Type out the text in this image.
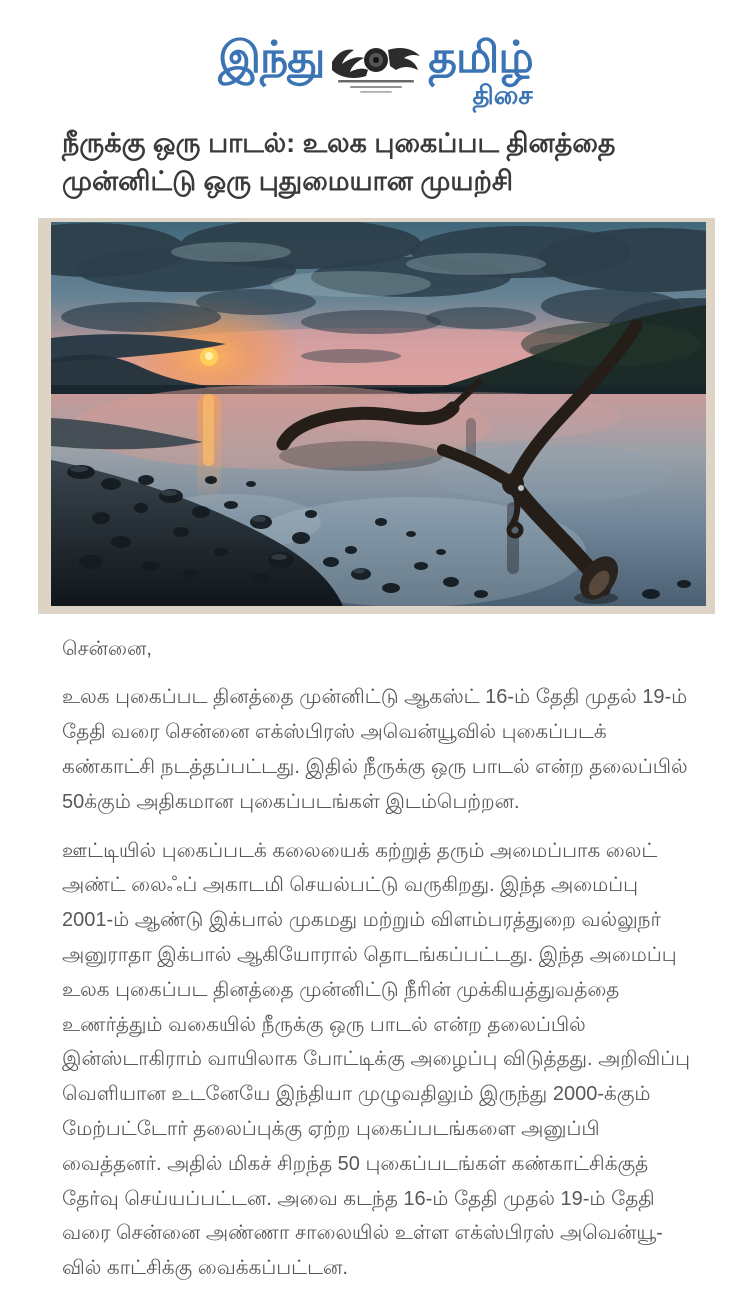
இந்து தமிழ்
திசை
நீருக்கு ஒரு பாடல்: உலக புகைப்பட தினத்தை முன்னிட்டு ஒரு புதுமையான முயற்சி

சென்னை,

உலக புகைப்பட தினத்தை முன்னிட்டு ஆகஸ்ட் 16-ம் தேதி முதல் 19-ம் தேதி வரை சென்னை எக்ஸ்பிரஸ் அவென்யூவில் புகைப்படக் கண்காட்சி நடத்தப்பட்டது. இதில் நீருக்கு ஒரு பாடல் என்ற தலைப்பில் 50க்கும் அதிகமான புகைப்படங்கள் இடம்பெற்றன.

ஊட்டியில் புகைப்படக் கலையைக் கற்றுத் தரும் அமைப்பாக லைட் அண்ட் லைஃப் அகாடமி செயல்பட்டு வருகிறது. இந்த அமைப்பு 2001-ம் ஆண்டு இக்பால் முகமது மற்றும் விளம்பரத்துறை வல்லுநர் அனுராதா இக்பால் ஆகியோரால் தொடங்கப்பட்டது. இந்த அமைப்பு உலக புகைப்பட தினத்தை முன்னிட்டு நீரின் முக்கியத்துவத்தை உணர்த்தும் வகையில் நீருக்கு ஒரு பாடல் என்ற தலைப்பில் இன்ஸ்டாகிராம் வாயிலாக போட்டிக்கு அழைப்பு விடுத்தது. அறிவிப்பு வெளியான உடனேயே இந்தியா முழுவதிலும் இருந்து 2000-க்கும் மேற்பட்டோர் தலைப்புக்கு ஏற்ற புகைப்படங்களை அனுப்பி வைத்தனர். அதில் மிகச் சிறந்த 50 புகைப்படங்கள் கண்காட்சிக்குத் தேர்வு செய்யப்பட்டன. அவை கடந்த 16-ம் தேதி முதல் 19-ம் தேதி வரை சென்னை அண்ணா சாலையில் உள்ள எக்ஸ்பிரஸ் அவென்யூ-வில் காட்சிக்கு வைக்கப்பட்டன.
